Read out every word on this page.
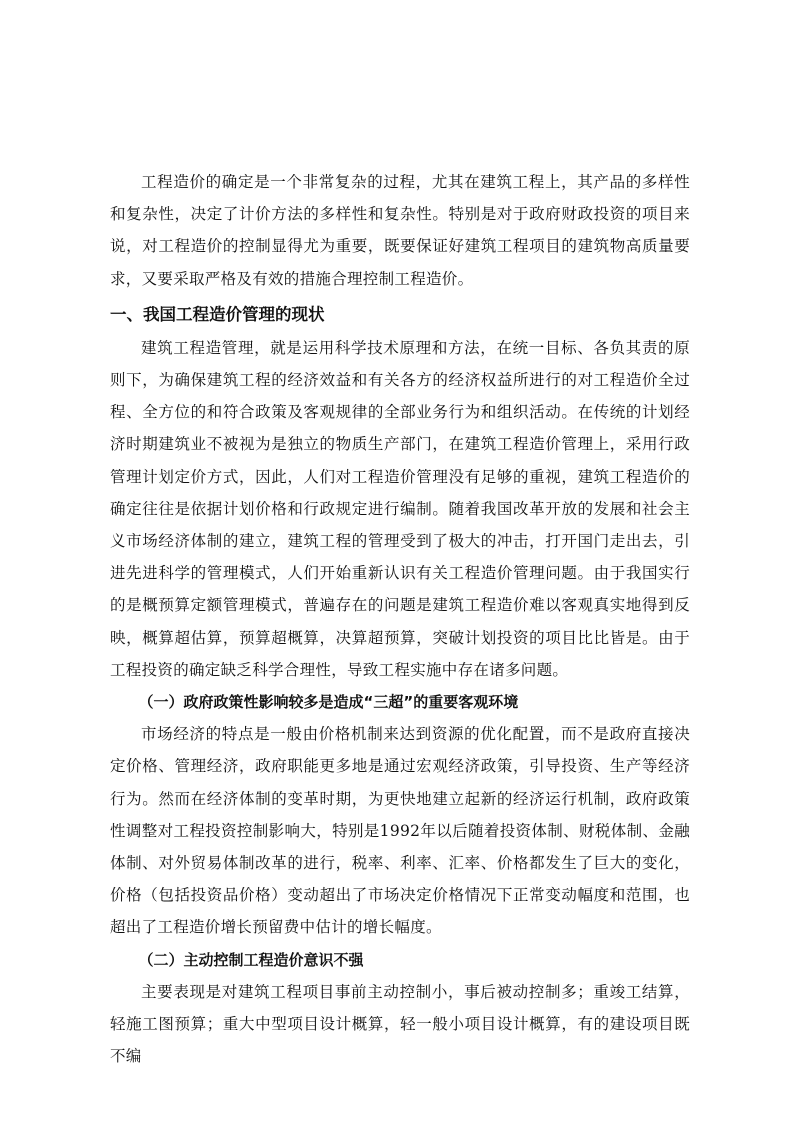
工程造价的确定是一个非常复杂的过程，尤其在建筑工程上，其产品的多样性和复杂性，决定了计价方法的多样性和复杂性。特别是对于政府财政投资的项目来说，对工程造价的控制显得尤为重要，既要保证好建筑工程项目的建筑物高质量要求，又要采取严格及有效的措施合理控制工程造价。

一、我国工程造价管理的现状

建筑工程造管理，就是运用科学技术原理和方法，在统一目标、各负其责的原则下，为确保建筑工程的经济效益和有关各方的经济权益所进行的对工程造价全过程、全方位的和符合政策及客观规律的全部业务行为和组织活动。在传统的计划经济时期建筑业不被视为是独立的物质生产部门，在建筑工程造价管理上，采用行政管理计划定价方式，因此，人们对工程造价管理没有足够的重视，建筑工程造价的确定往往是依据计划价格和行政规定进行编制。随着我国改革开放的发展和社会主义市场经济体制的建立，建筑工程的管理受到了极大的冲击，打开国门走出去，引进先进科学的管理模式，人们开始重新认识有关工程造价管理问题。由于我国实行的是概预算定额管理模式，普遍存在的问题是建筑工程造价难以客观真实地得到反映，概算超估算，预算超概算，决算超预算，突破计划投资的项目比比皆是。由于工程投资的确定缺乏科学合理性，导致工程实施中存在诸多问题。

（一）政府政策性影响较多是造成“三超”的重要客观环境

市场经济的特点是一般由价格机制来达到资源的优化配置，而不是政府直接决定价格、管理经济，政府职能更多地是通过宏观经济政策，引导投资、生产等经济行为。然而在经济体制的变革时期，为更快地建立起新的经济运行机制，政府政策性调整对工程投资控制影响大，特别是1992年以后随着投资体制、财税体制、金融体制、对外贸易体制改革的进行，税率、利率、汇率、价格都发生了巨大的变化，价格（包括投资品价格）变动超出了市场决定价格情况下正常变动幅度和范围，也超出了工程造价增长预留费中估计的增长幅度。

（二）主动控制工程造价意识不强

主要表现是对建筑工程项目事前主动控制小，事后被动控制多；重竣工结算，轻施工图预算；重大中型项目设计概算，轻一般小项目设计概算，有的建设项目既不编
